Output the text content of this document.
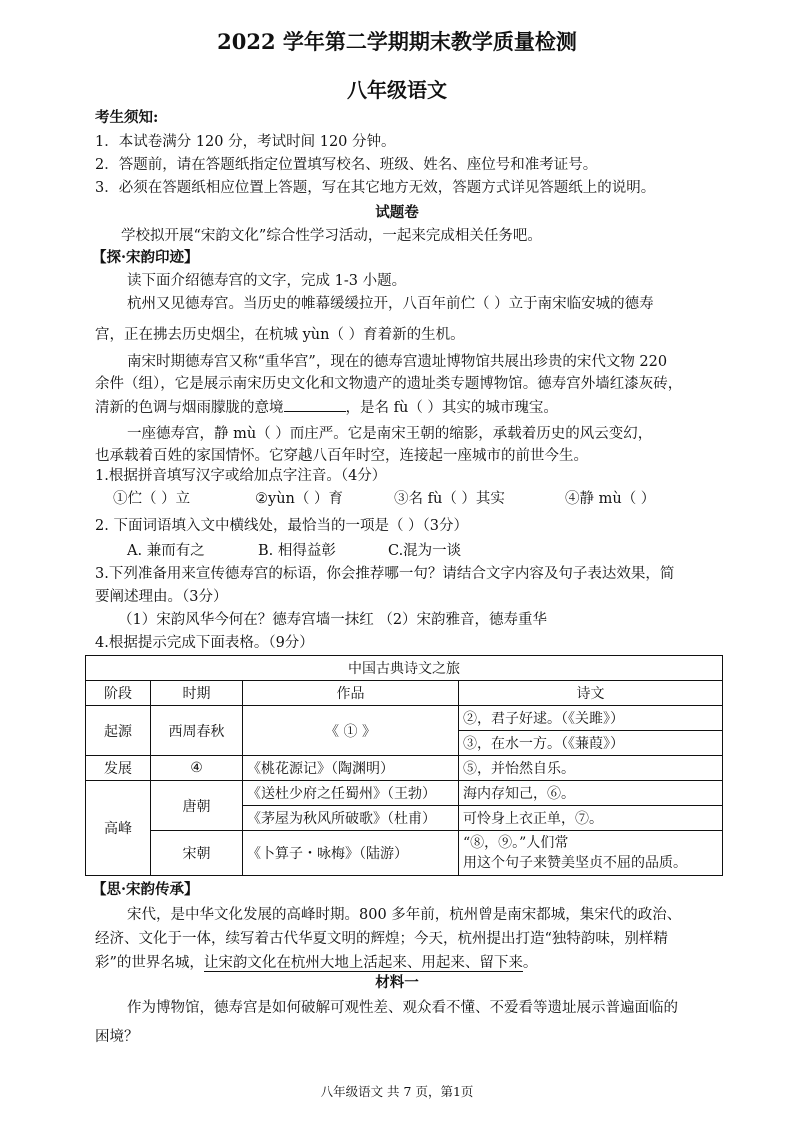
2022 学年第二学期期末教学质量检测
八年级语文
考生须知:
1．本试卷满分 120 分，考试时间 120 分钟。
2．答题前，请在答题纸指定位置填写校名、班级、姓名、座位号和准考证号。
3．必须在答题纸相应位置上答题，写在其它地方无效，答题方式详见答题纸上的说明。
试题卷
学校拟开展“宋韵文化”综合性学习活动，一起来完成相关任务吧。
【探·宋韵印迹】
读下面介绍德寿宫的文字，完成 1-3 小题。
杭州又见德寿宫。当历史的帷幕缓缓拉开，八百年前伫（ ）立于南宋临安城的德寿
宫，正在拂去历史烟尘，在杭城 yùn（ ）育着新的生机。
南宋时期德寿宫又称“重华宫”，现在的德寿宫遗址博物馆共展出珍贵的宋代文物 220
余件（组），它是展示南宋历史文化和文物遗产的遗址类专题博物馆。德寿宫外墙红漆灰砖，
清新的色调与烟雨朦胧的意境	，是名 fù（ ）其实的城市瑰宝。
一座德寿宫，静 mù（ ）而庄严。它是南宋王朝的缩影，承载着历史的风云变幻，
也承载着百姓的家国情怀。它穿越八百年时空，连接起一座城市的前世今生。
1.根据拼音填写汉字或给加点字注音。（4分）
①伫（ ）立	②yùn（ ）育	③名 fù（ ）其实	④静 mù（ ）
2. 下面词语填入文中横线处，最恰当的一项是（ ）（3分）
A. 兼而有之	B. 相得益彰	C.混为一谈
3.下列准备用来宣传德寿宫的标语，你会推荐哪一句？请结合文字内容及句子表达效果，简
要阐述理由。（3分）
（1）宋韵风华今何在？德寿宫墙一抹红 （2）宋韵雅音，德寿重华
4.根据提示完成下面表格。（9分）
中国古典诗文之旅			
阶段	时期	作品	诗文
起源	西周春秋	《 ① 》	②，君子好逑。（《关雎》）
			③，在水一方。（《蒹葭》）
发展	④	《桃花源记》（陶渊明）	⑤，并怡然自乐。
高峰	唐朝	《送杜少府之任蜀州》（王勃）	海内存知己，⑥。
		《茅屋为秋风所破歌》（杜甫）	可怜身上衣正单，⑦。
	宋朝	《卜算子・咏梅》（陆游）	“⑧，⑨。”人们常
用这个句子来赞美坚贞不屈的品质。
【思·宋韵传承】
宋代，是中华文化发展的高峰时期。800 多年前，杭州曾是南宋都城，集宋代的政治、
经济、文化于一体，续写着古代华夏文明的辉煌；今天，杭州提出打造“独特韵味，别样精
彩”的世界名城，让宋韵文化在杭州大地上活起来、用起来、留下来。
材料一
作为博物馆，德寿宫是如何破解可观性差、观众看不懂、不爱看等遗址展示普遍面临的
困境？
八年级语文 共 7 页，第1页
